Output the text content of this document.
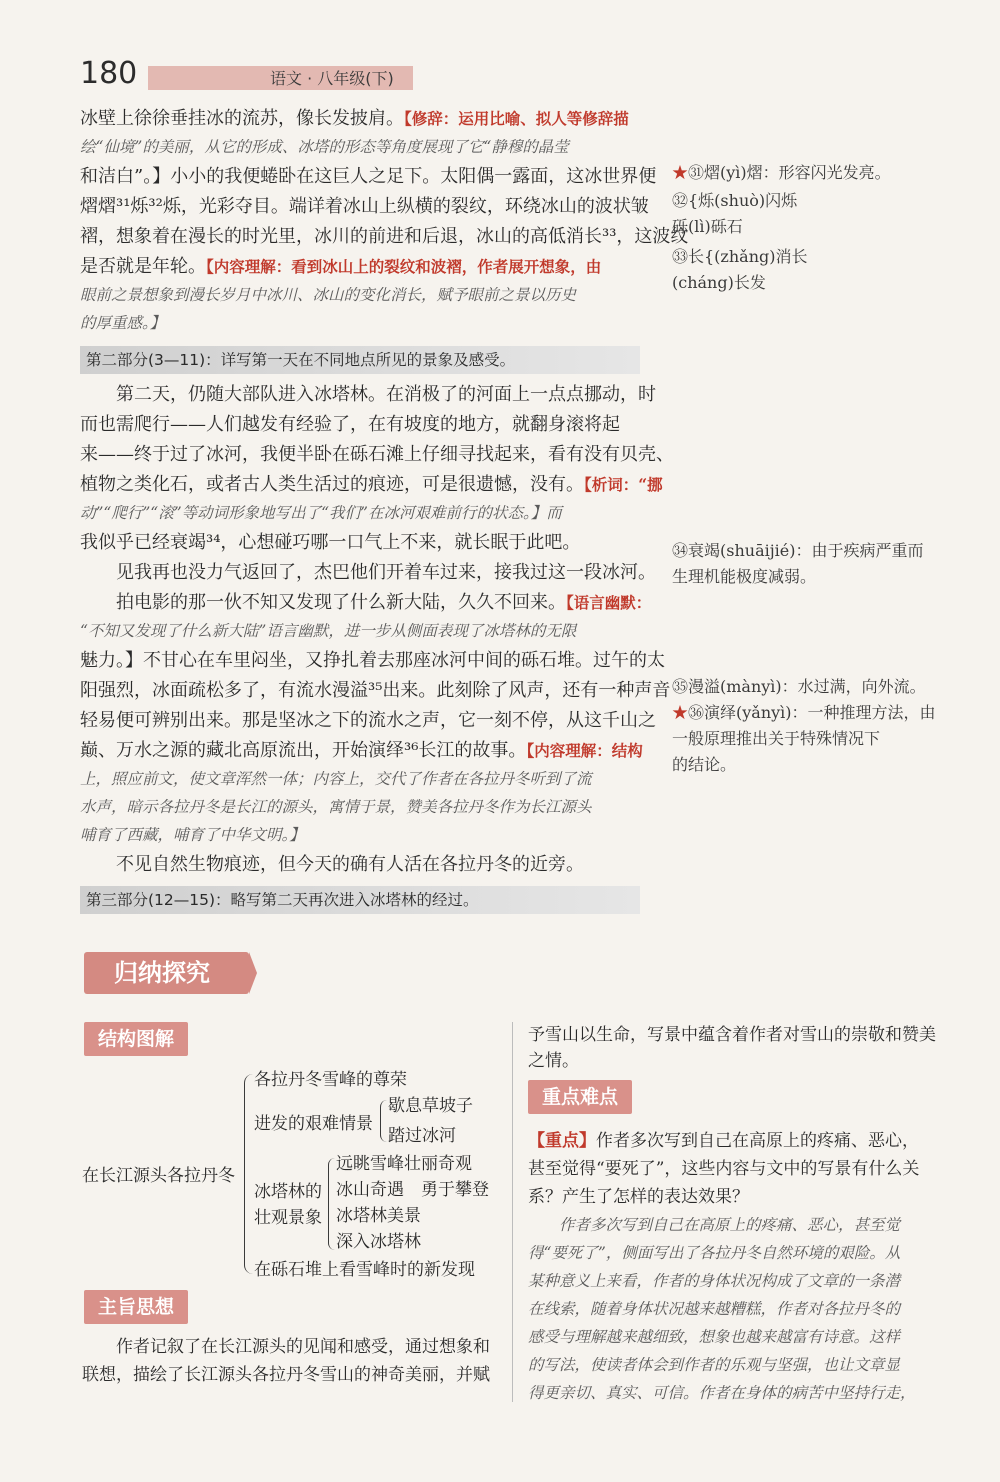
180	语文 · 八年级(下)
冰壁上徐徐垂挂冰的流苏，像长发披肩。【修辞：运用比喻、拟人等修辞描
绘“仙境”的美丽，从它的形成、冰塔的形态等角度展现了它“静穆的晶莹
和洁白”。】小小的我便蜷卧在这巨人之足下。太阳偶一露面，这冰世界便
熠熠³¹烁³²烁，光彩夺目。端详着冰山上纵横的裂纹，环绕冰山的波状皱
褶，想象着在漫长的时光里，冰川的前进和后退，冰山的高低消长³³，这波纹
是否就是年轮。【内容理解：看到冰山上的裂纹和波褶，作者展开想象，由
眼前之景想象到漫长岁月中冰川、冰山的变化消长，赋予眼前之景以历史
的厚重感。】
第二部分(3—11)：详写第一天在不同地点所见的景象及感受。
　　第二天，仍随大部队进入冰塔林。在消极了的河面上一点点挪动，时
而也需爬行——人们越发有经验了，在有坡度的地方，就翻身滚将起
来——终于过了冰河，我便半卧在砾石滩上仔细寻找起来，看有没有贝壳、
植物之类化石，或者古人类生活过的痕迹，可是很遗憾，没有。【析词：“挪
动”“爬行”“滚”等动词形象地写出了“我们”在冰河艰难前行的状态。】而
我似乎已经衰竭³⁴，心想碰巧哪一口气上不来，就长眠于此吧。
　　见我再也没力气返回了，杰巴他们开着车过来，接我过这一段冰河。
　　拍电影的那一伙不知又发现了什么新大陆，久久不回来。【语言幽默：
“不知又发现了什么新大陆”语言幽默，进一步从侧面表现了冰塔林的无限
魅力。】不甘心在车里闷坐，又挣扎着去那座冰河中间的砾石堆。过午的太
阳强烈，冰面疏松多了，有流水漫溢³⁵出来。此刻除了风声，还有一种声音
轻易便可辨别出来。那是坚冰之下的流水之声，它一刻不停，从这千山之
巅、万水之源的藏北高原流出，开始演绎³⁶长江的故事。【内容理解：结构
上，照应前文，使文章浑然一体；内容上，交代了作者在各拉丹冬听到了流
水声，暗示各拉丹冬是长江的源头，寓情于景，赞美各拉丹冬作为长江源头
哺育了西藏，哺育了中华文明。】
　　不见自然生物痕迹，但今天的确有人活在各拉丹冬的近旁。
第三部分(12—15)：略写第二天再次进入冰塔林的经过。
★㉛熠(yì)熠：形容闪光发亮。
㉜{烁(shuò)闪烁
砾(lì)砾石
㉝长{(zhǎng)消长
(cháng)长发
㉞衰竭(shuāijié)：由于疾病严重而
生理机能极度减弱。
㉟漫溢(mànyì)：水过满，向外流。
★㊱演绎(yǎnyì)：一种推理方法，由
一般原理推出关于特殊情况下
的结论。
归纳探究
结构图解
主旨思想
重点难点
在长江源头各拉丹冬
各拉丹冬雪峰的尊荣
进发的艰难情景
歇息草坡子
踏过冰河
冰塔林的
壮观景象
远眺雪峰壮丽奇观
冰山奇遇　勇于攀登
冰塔林美景
深入冰塔林
在砾石堆上看雪峰时的新发现
　　作者记叙了在长江源头的见闻和感受，通过想象和
联想，描绘了长江源头各拉丹冬雪山的神奇美丽，并赋
予雪山以生命，写景中蕴含着作者对雪山的崇敬和赞美
之情。
【重点】作者多次写到自己在高原上的疼痛、恶心，
甚至觉得“要死了”，这些内容与文中的写景有什么关
系？产生了怎样的表达效果？
　　作者多次写到自己在高原上的疼痛、恶心，甚至觉
得“要死了”，侧面写出了各拉丹冬自然环境的艰险。从
某种意义上来看，作者的身体状况构成了文章的一条潜
在线索，随着身体状况越来越糟糕，作者对各拉丹冬的
感受与理解越来越细致，想象也越来越富有诗意。这样
的写法，使读者体会到作者的乐观与坚强，也让文章显
得更亲切、真实、可信。作者在身体的病苦中坚持行走，
